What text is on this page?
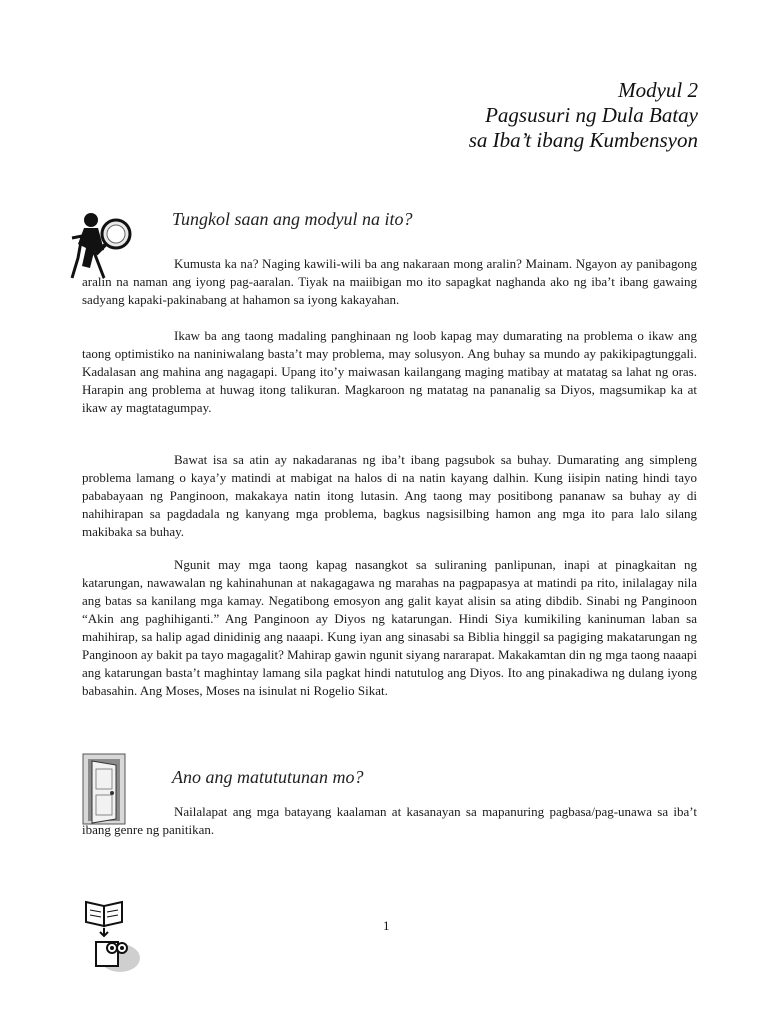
Modyul 2
Pagsusuri ng Dula Batay
sa Iba’t ibang Kumbensyon
Tungkol saan ang modyul na ito?

Kumusta ka na? Naging kawili-wili ba ang nakaraan mong aralin? Mainam. Ngayon ay panibagong aralin na naman ang iyong pag-aaralan. Tiyak na maiibigan mo ito sapagkat naghanda ako ng iba’t ibang gawaing sadyang kapaki-pakinabang at hahamon sa iyong kakayahan.

Ikaw ba ang taong madaling panghinaan ng loob kapag may dumarating na problema o ikaw ang taong optimistiko na naniniwalang basta’t may problema, may solusyon. Ang buhay sa mundo ay pakikipagtunggali. Kadalasan ang mahina ang nagagapi. Upang ito’y maiwasan kailangang maging matibay at matatag sa lahat ng oras. Harapin ang problema at huwag itong talikuran. Magkaroon ng matatag na pananalig sa Diyos, magsumikap ka at ikaw ay magtatagumpay.

Bawat isa sa atin ay nakadaranas ng iba’t ibang pagsubok sa buhay. Dumarating ang simpleng problema lamang o kaya’y matindi at mabigat na halos di na natin kayang dalhin. Kung iisipin nating hindi tayo pababayaan ng Panginoon, makakaya natin itong lutasin. Ang taong may positibong pananaw sa buhay ay di nahihirapan sa pagdadala ng kanyang mga problema, bagkus nagsisilbing hamon ang mga ito para lalo silang makibaka sa buhay.

Ngunit may mga taong kapag nasangkot sa suliraning panlipunan, inapi at pinagkaitan ng katarungan, nawawalan ng kahinahunan at nakagagawa ng marahas na pagpapasya at matindi pa rito, inilalagay nila ang batas sa kanilang mga kamay. Negatibong emosyon ang galit kayat alisin sa ating dibdib. Sinabi ng Panginoon “Akin ang paghihiganti.” Ang Panginoon ay Diyos ng katarungan. Hindi Siya kumikiling kaninuman laban sa mahihirap, sa halip agad dinidinig ang naaapi. Kung iyan ang sinasabi sa Biblia hinggil sa pagiging makatarungan ng Panginoon ay bakit pa tayo magagalit? Mahirap gawin ngunit siyang nararapat. Makakamtan din ng mga taong naaapi ang katarungan basta’t maghintay lamang sila pagkat hindi natutulog ang Diyos. Ito ang pinakadiwa ng dulang iyong babasahin. Ang Moses, Moses na isinulat ni Rogelio Sikat.

Ano ang matututunan mo?

Nailalapat ang mga batayang kaalaman at kasanayan sa mapanuring pagbasa/pag-unawa sa iba’t ibang genre ng panitikan.

1
